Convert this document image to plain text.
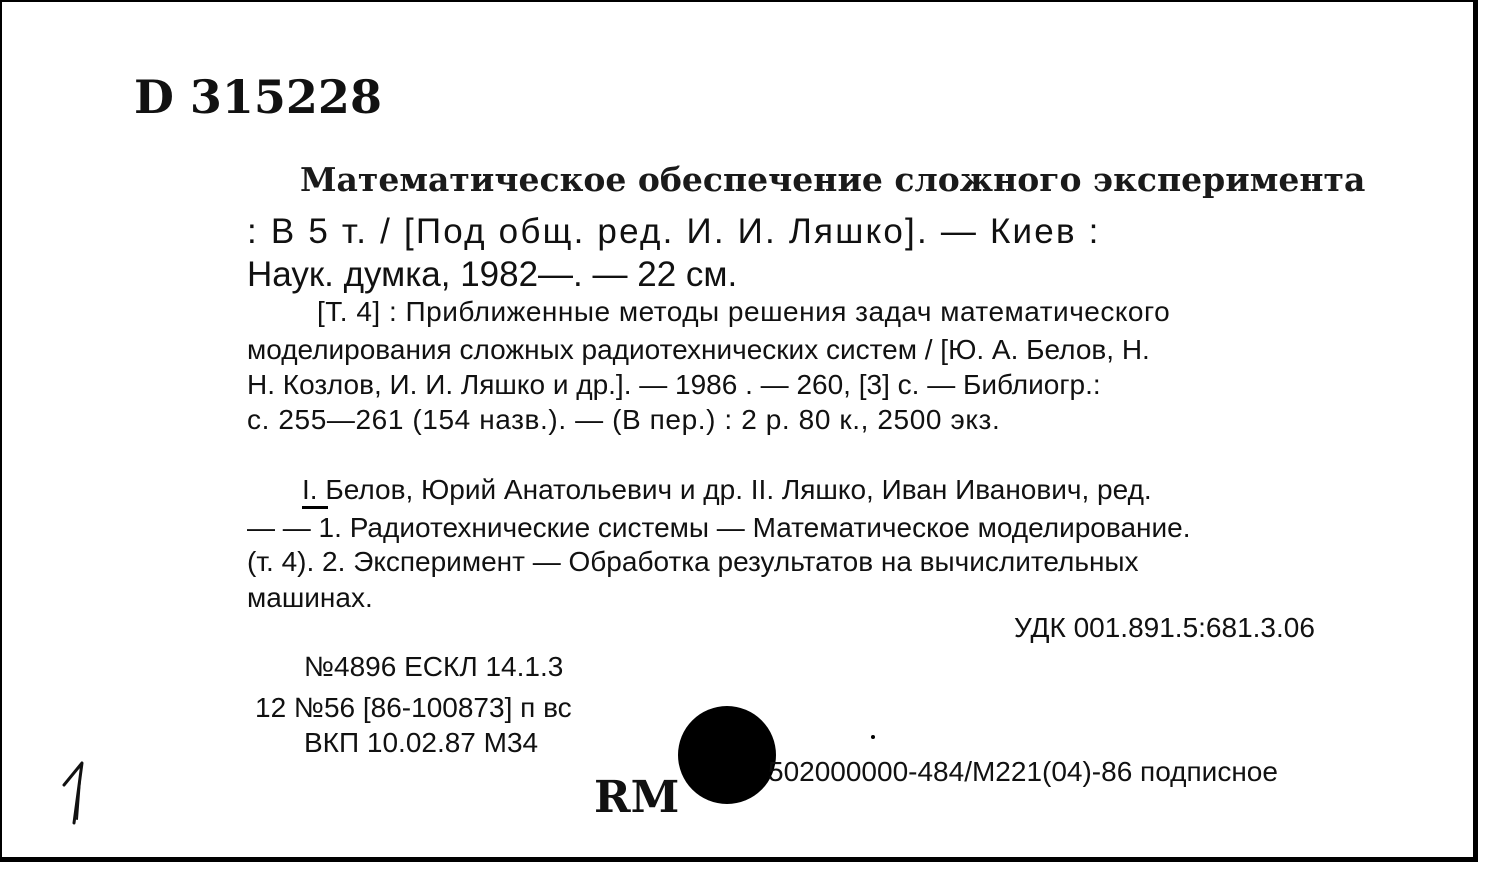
D 315228
Математическое обеспечение сложного эксперимента
: В 5 т. / [Под общ. ред. И. И. Ляшко]. — Киев :
Наук. думка, 1982—. — 22 см.
[Т. 4] : Приближенные методы решения задач математического
моделирования сложных радиотехнических систем / [Ю. А. Белов, Н.
Н. Козлов, И. И. Ляшко и др.]. — 1986 . — 260, [3] с. — Библиогр.:
с. 255—261 (154 назв.). — (В пер.) : 2 р. 80 к., 2500 экз.
I. Белов, Юрий Анатольевич и др. II. Ляшко, Иван Иванович, ред.
— — 1. Радиотехнические системы — Математическое моделирование.
(т. 4). 2. Эксперимент — Обработка результатов на вычислительных
машинах.
УДК 001.891.5:681.3.06
№4896 ЕСКЛ 14.1.3
12 №56 [86-100873] п вс
ВКП 10.02.87 М34
502000000-484/М221(04)-86 подписное
RM
